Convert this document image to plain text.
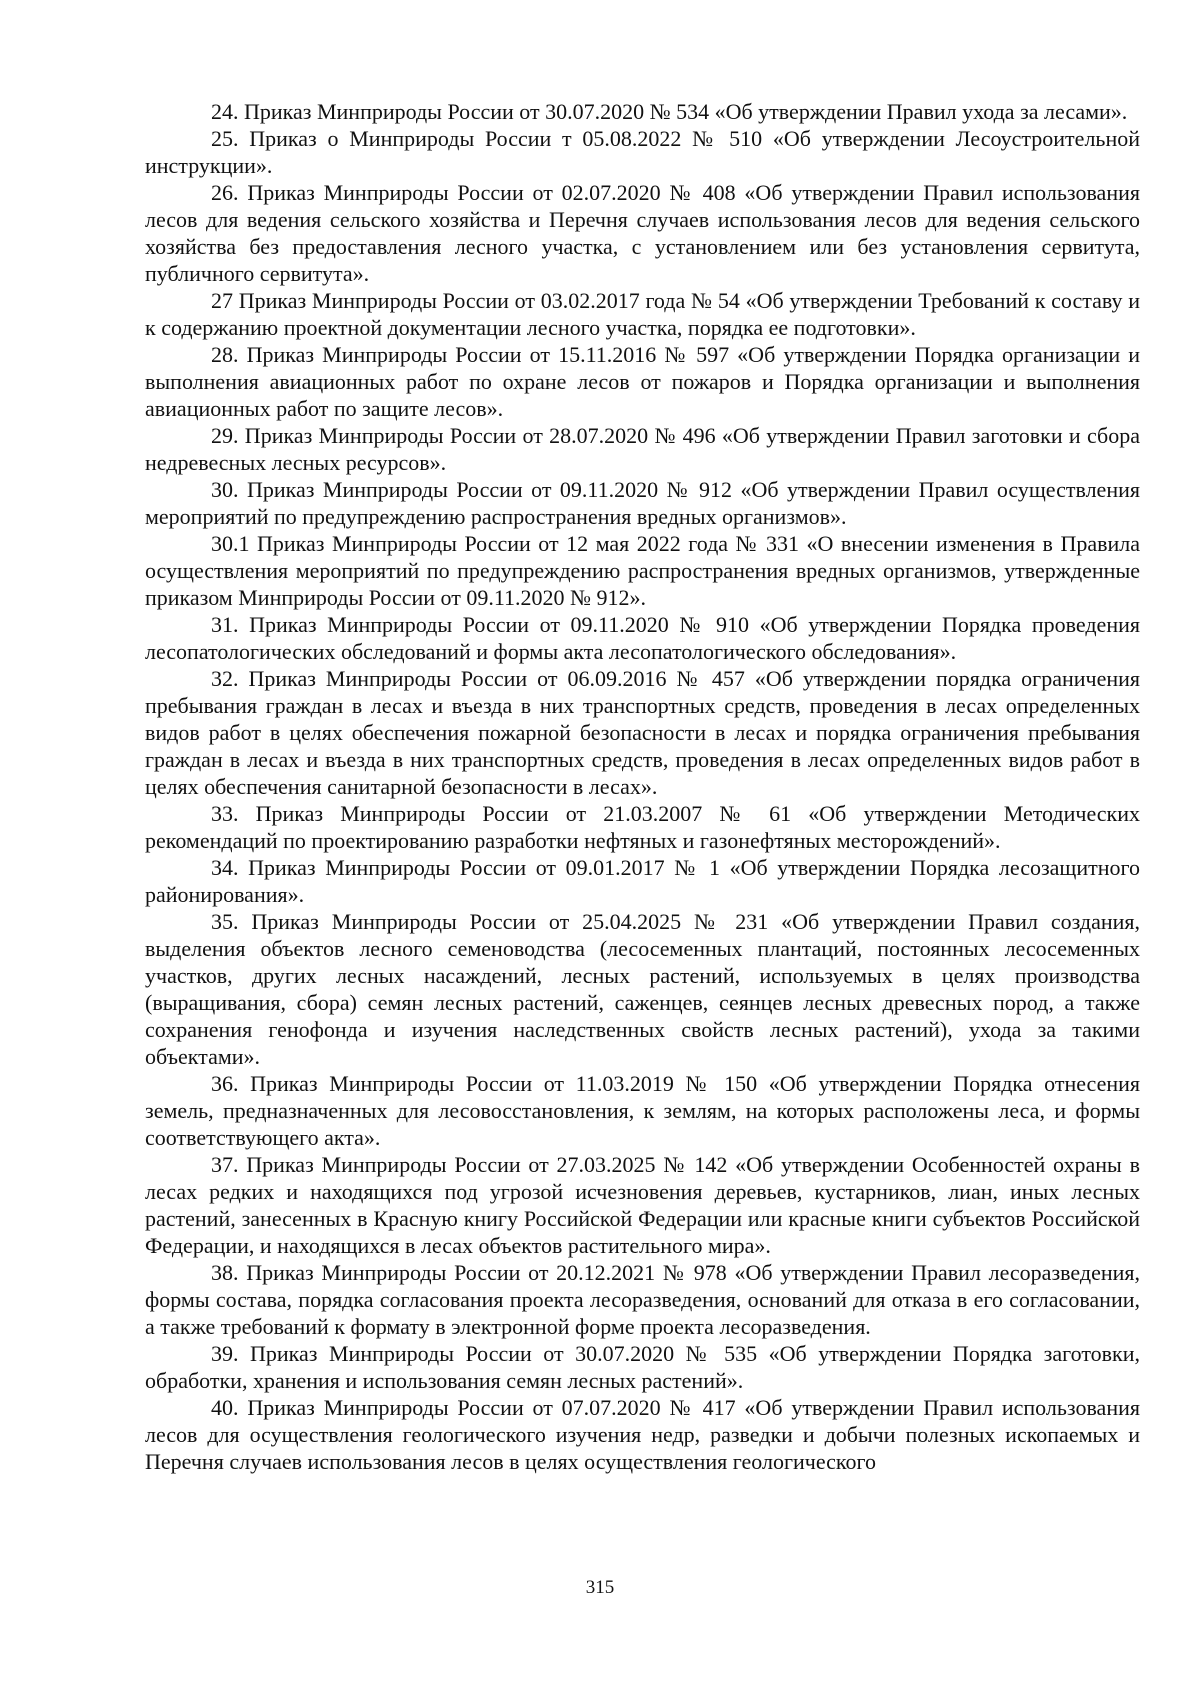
24. Приказ Минприроды России от 30.07.2020 № 534 «Об утверждении Правил ухода за лесами».

25. Приказ о Минприроды России т 05.08.2022 № 510 «Об утверждении Лесоустроительной инструкции».

26. Приказ Минприроды России от 02.07.2020 № 408 «Об утверждении Правил использования лесов для ведения сельского хозяйства и Перечня случаев использования лесов для ведения сельского хозяйства без предоставления лесного участка, с установлением или без установления сервитута, публичного сервитута».

27 Приказ Минприроды России от 03.02.2017 года № 54 «Об утверждении Требований к составу и к содержанию проектной документации лесного участка, порядка ее подготовки».

28. Приказ Минприроды России от 15.11.2016 № 597 «Об утверждении Порядка организации и выполнения авиационных работ по охране лесов от пожаров и Порядка организации и выполнения авиационных работ по защите лесов».

29. Приказ Минприроды России от 28.07.2020 № 496 «Об утверждении Правил заготовки и сбора недревесных лесных ресурсов».

30. Приказ Минприроды России от 09.11.2020 № 912 «Об утверждении Правил осуществления мероприятий по предупреждению распространения вредных организмов».

30.1 Приказ Минприроды России от 12 мая 2022 года № 331 «О внесении изменения в Правила осуществления мероприятий по предупреждению распространения вредных организмов, утвержденные приказом Минприроды России от 09.11.2020 № 912».

31. Приказ Минприроды России от 09.11.2020 № 910 «Об утверждении Порядка проведения лесопатологических обследований и формы акта лесопатологического обследования».

32. Приказ Минприроды России от 06.09.2016 № 457 «Об утверждении порядка ограничения пребывания граждан в лесах и въезда в них транспортных средств, проведения в лесах определенных видов работ в целях обеспечения пожарной безопасности в лесах и порядка ограничения пребывания граждан в лесах и въезда в них транспортных средств, проведения в лесах определенных видов работ в целях обеспечения санитарной безопасности в лесах».

33. Приказ Минприроды России от 21.03.2007 № 61 «Об утверждении Методических рекомендаций по проектированию разработки нефтяных и газонефтяных месторождений».

34. Приказ Минприроды России от 09.01.2017 № 1 «Об утверждении Порядка лесозащитного районирования».

35. Приказ Минприроды России от 25.04.2025 № 231 «Об утверждении Правил создания, выделения объектов лесного семеноводства (лесосеменных плантаций, постоянных лесосеменных участков, других лесных насаждений, лесных растений, используемых в целях производства (выращивания, сбора) семян лесных растений, саженцев, сеянцев лесных древесных пород, а также сохранения генофонда и изучения наследственных свойств лесных растений), ухода за такими объектами».

36. Приказ Минприроды России от 11.03.2019 № 150 «Об утверждении Порядка отнесения земель, предназначенных для лесовосстановления, к землям, на которых расположены леса, и формы соответствующего акта».

37. Приказ Минприроды России от 27.03.2025 № 142 «Об утверждении Особенностей охраны в лесах редких и находящихся под угрозой исчезновения деревьев, кустарников, лиан, иных лесных растений, занесенных в Красную книгу Российской Федерации или красные книги субъектов Российской Федерации, и находящихся в лесах объектов растительного мира».

38. Приказ Минприроды России от 20.12.2021 № 978 «Об утверждении Правил лесоразведения, формы состава, порядка согласования проекта лесоразведения, оснований для отказа в его согласовании, а также требований к формату в электронной форме проекта лесоразведения.

39. Приказ Минприроды России от 30.07.2020 № 535 «Об утверждении Порядка заготовки, обработки, хранения и использования семян лесных растений».

40. Приказ Минприроды России от 07.07.2020 № 417 «Об утверждении Правил использования лесов для осуществления геологического изучения недр, разведки и добычи полезных ископаемых и Перечня случаев использования лесов в целях осуществления геологического

315
